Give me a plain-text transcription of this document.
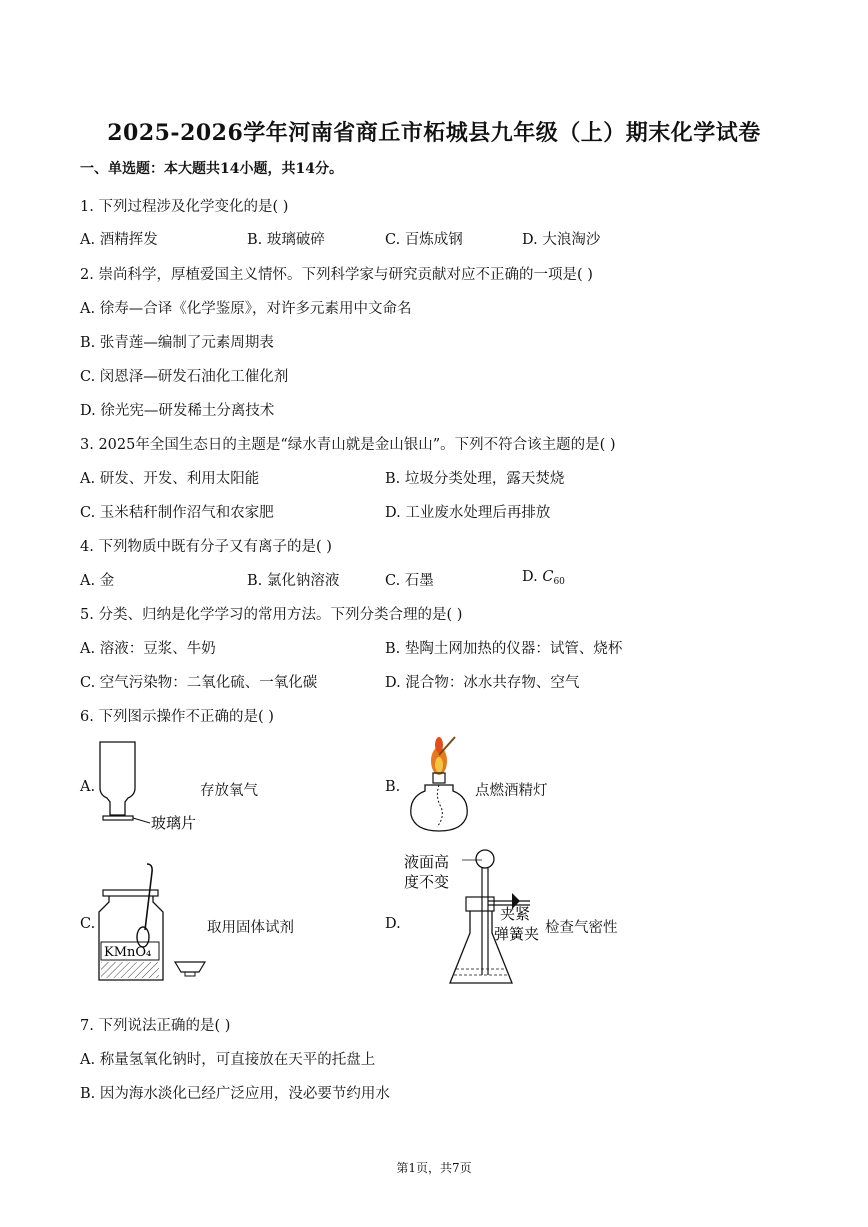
2025-2026学年河南省商丘市柘城县九年级（上）期末化学试卷
一、单选题：本大题共14小题，共14分。
1. 下列过程涉及化学变化的是( )
A. 酒精挥发	B. 玻璃破碎	C. 百炼成钢	D. 大浪淘沙
2. 崇尚科学，厚植爱国主义情怀。下列科学家与研究贡献对应不正确的一项是( )
A. 徐寿—合译《化学鉴原》，对许多元素用中文命名
B. 张青莲—编制了元素周期表
C. 闵恩泽—研发石油化工催化剂
D. 徐光宪—研发稀土分离技术
3. 2025年全国生态日的主题是“绿水青山就是金山银山”。下列不符合该主题的是( )
A. 研发、开发、利用太阳能	B. 垃圾分类处理，露天焚烧
C. 玉米秸秆制作沼气和农家肥	D. 工业废水处理后再排放
4. 下列物质中既有分子又有离子的是( )
A. 金	B. 氯化钠溶液	C. 石墨	D. $C_{60}$
5. 分类、归纳是化学学习的常用方法。下列分类合理的是( )
A. 溶液：豆浆、牛奶	B. 垫陶土网加热的仪器：试管、烧杯
C. 空气污染物：二氧化硫、一氧化碳	D. 混合物：冰水共存物、空气
6. 下列图示操作不正确的是( )
A.	存放氧气	B.	点燃酒精灯
C.	取用固体试剂	D.	检查气密性
玻璃片
KMnO₄
液面高
度不变
夹紧
弹簧夹
7. 下列说法正确的是( )
A. 称量氢氧化钠时，可直接放在天平的托盘上
B. 因为海水淡化已经广泛应用，没必要节约用水
第1页，共7页
